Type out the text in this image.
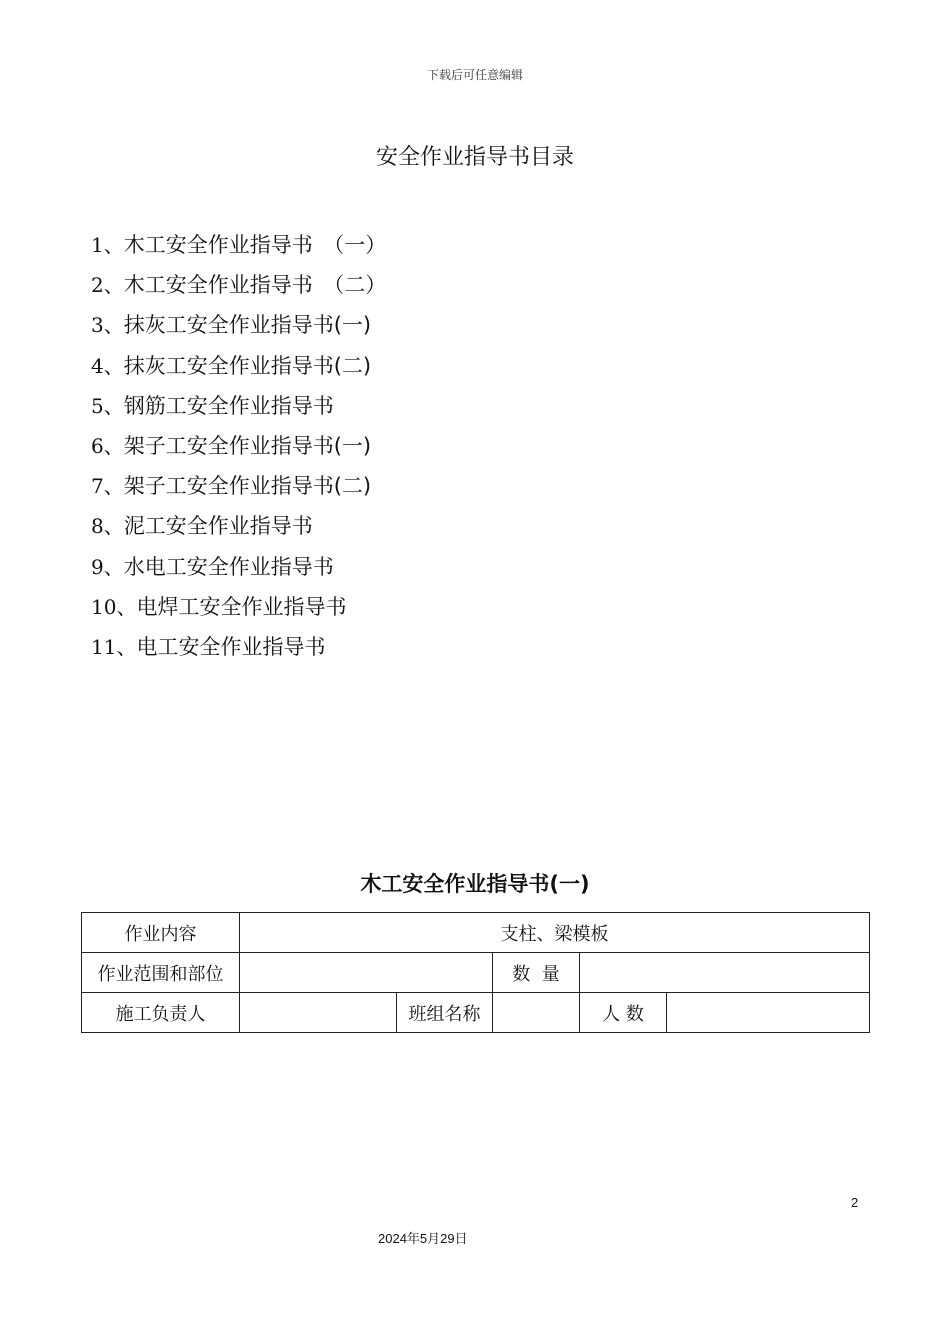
下载后可任意编辑
安全作业指导书目录
1、木工安全作业指导书　（一）
2、木工安全作业指导书　（二）
3、抹灰工安全作业指导书(一)
4、抹灰工安全作业指导书(二)
5、钢筋工安全作业指导书
6、架子工安全作业指导书(一)
7、架子工安全作业指导书(二)
8、泥工安全作业指导书
9、水电工安全作业指导书
10、电焊工安全作业指导书
11、电工安全作业指导书
木工安全作业指导书(一)
作业内容	支柱、梁模板				
作业范围和部位			数  量		
施工负责人		班组名称		人 数	
2
2024年5月29日
